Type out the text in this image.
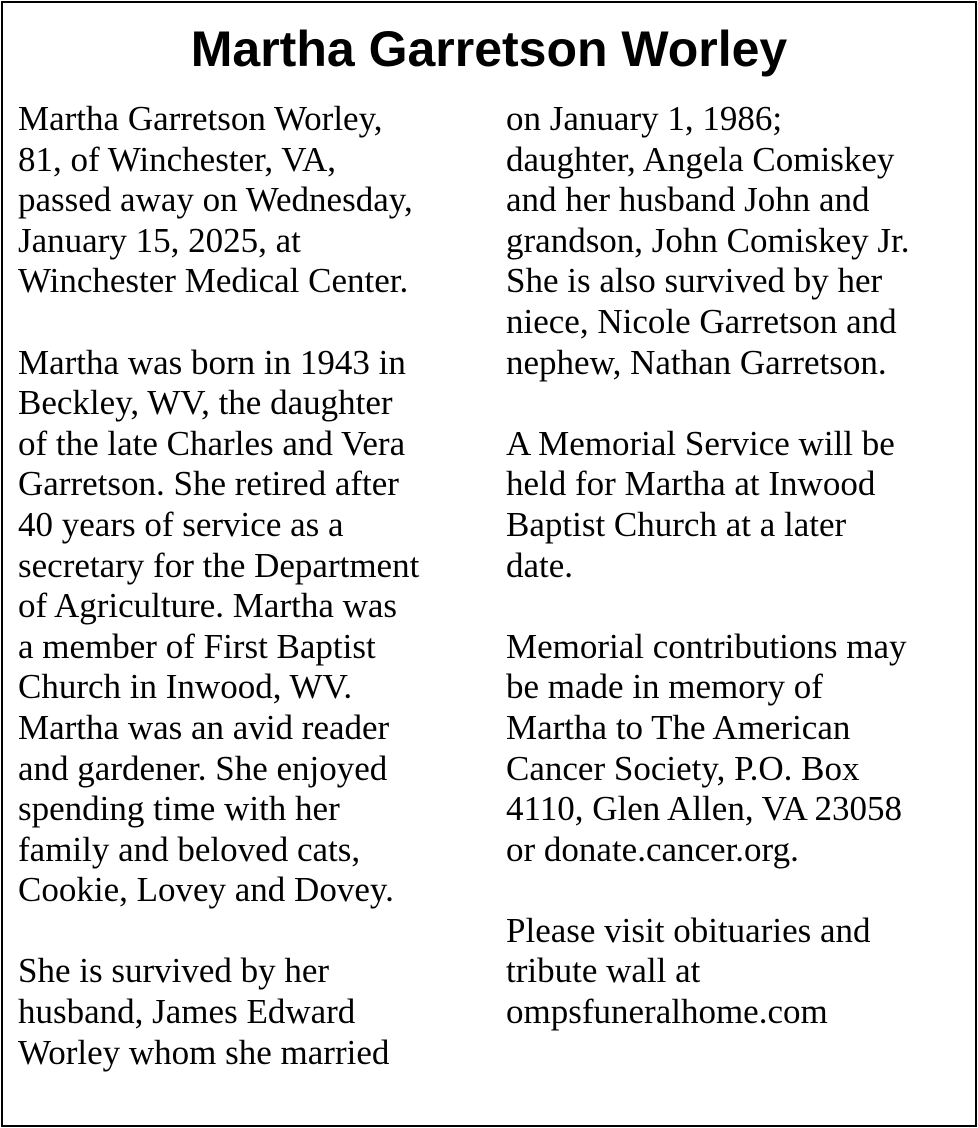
Martha Garretson Worley
Martha Garretson Worley,
81, of Winchester, VA,
passed away on Wednesday,
January 15, 2025, at
Winchester Medical Center.
Martha was born in 1943 in
Beckley, WV, the daughter
of the late Charles and Vera
Garretson. She retired after
40 years of service as a
secretary for the Department
of Agriculture. Martha was
a member of First Baptist
Church in Inwood, WV.
Martha was an avid reader
and gardener. She enjoyed
spending time with her
family and beloved cats,
Cookie, Lovey and Dovey.
She is survived by her
husband, James Edward
Worley whom she married
on January 1, 1986;
daughter, Angela Comiskey
and her husband John and
grandson, John Comiskey Jr.
She is also survived by her
niece, Nicole Garretson and
nephew, Nathan Garretson.
A Memorial Service will be
held for Martha at Inwood
Baptist Church at a later
date.
Memorial contributions may
be made in memory of
Martha to The American
Cancer Society, P.O. Box
4110, Glen Allen, VA 23058
or donate.cancer.org.
Please visit obituaries and
tribute wall at
ompsfuneralhome.com
